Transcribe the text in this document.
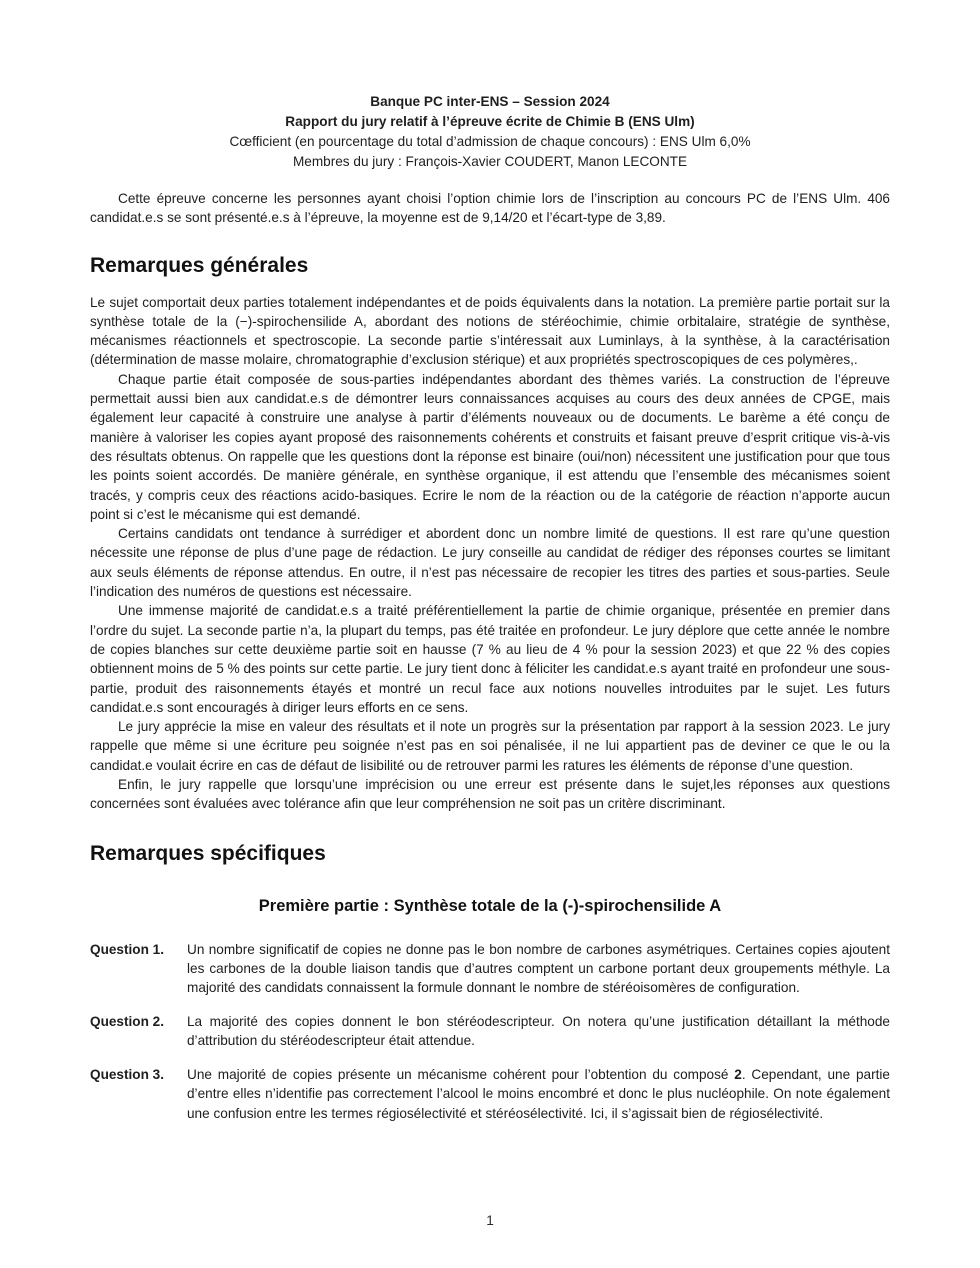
Banque PC inter-ENS – Session 2024
Rapport du jury relatif à l’épreuve écrite de Chimie B (ENS Ulm)
Cœfficient (en pourcentage du total d’admission de chaque concours) : ENS Ulm 6,0%
Membres du jury : François-Xavier COUDERT, Manon LECONTE

Cette épreuve concerne les personnes ayant choisi l’option chimie lors de l’inscription au concours PC de l’ENS Ulm. 406 candidat.e.s se sont présenté.e.s à l’épreuve, la moyenne est de 9,14/20 et l’écart-type de 3,89.

Remarques générales

Le sujet comportait deux parties totalement indépendantes et de poids équivalents dans la notation. La première partie portait sur la synthèse totale de la (−)-spirochensilide A, abordant des notions de stéréochimie, chimie orbitalaire, stratégie de synthèse, mécanismes réactionnels et spectroscopie. La seconde partie s’intéressait aux Luminlays, à la synthèse, à la caractérisation (détermination de masse molaire, chromatographie d’exclusion stérique) et aux propriétés spectroscopiques de ces polymères,.

Chaque partie était composée de sous-parties indépendantes abordant des thèmes variés. La construction de l’épreuve permettait aussi bien aux candidat.e.s de démontrer leurs connaissances acquises au cours des deux années de CPGE, mais également leur capacité à construire une analyse à partir d’éléments nouveaux ou de documents. Le barème a été conçu de manière à valoriser les copies ayant proposé des raisonnements cohérents et construits et faisant preuve d’esprit critique vis-à-vis des résultats obtenus. On rappelle que les questions dont la réponse est binaire (oui/non) nécessitent une justification pour que tous les points soient accordés. De manière générale, en synthèse organique, il est attendu que l’ensemble des mécanismes soient tracés, y compris ceux des réactions acido-basiques. Ecrire le nom de la réaction ou de la catégorie de réaction n’apporte aucun point si c’est le mécanisme qui est demandé.

Certains candidats ont tendance à surrédiger et abordent donc un nombre limité de questions. Il est rare qu’une question nécessite une réponse de plus d’une page de rédaction. Le jury conseille au candidat de rédiger des réponses courtes se limitant aux seuls éléments de réponse attendus. En outre, il n’est pas nécessaire de recopier les titres des parties et sous-parties. Seule l’indication des numéros de questions est nécessaire.

Une immense majorité de candidat.e.s a traité préférentiellement la partie de chimie organique, présentée en premier dans l’ordre du sujet. La seconde partie n’a, la plupart du temps, pas été traitée en profondeur. Le jury déplore que cette année le nombre de copies blanches sur cette deuxième partie soit en hausse (7 % au lieu de 4 % pour la session 2023) et que 22 % des copies obtiennent moins de 5 % des points sur cette partie. Le jury tient donc à féliciter les candidat.e.s ayant traité en profondeur une sous-partie, produit des raisonnements étayés et montré un recul face aux notions nouvelles introduites par le sujet. Les futurs candidat.e.s sont encouragés à diriger leurs efforts en ce sens.

Le jury apprécie la mise en valeur des résultats et il note un progrès sur la présentation par rapport à la session 2023. Le jury rappelle que même si une écriture peu soignée n’est pas en soi pénalisée, il ne lui appartient pas de deviner ce que le ou la candidat.e voulait écrire en cas de défaut de lisibilité ou de retrouver parmi les ratures les éléments de réponse d’une question.

Enfin, le jury rappelle que lorsqu’une imprécision ou une erreur est présente dans le sujet,les réponses aux questions concernées sont évaluées avec tolérance afin que leur compréhension ne soit pas un critère discriminant.

Remarques spécifiques
Première partie : Synthèse totale de la (-)-spirochensilide A
Question 1.	Un nombre significatif de copies ne donne pas le bon nombre de carbones asymétriques. Certaines copies ajoutent les carbones de la double liaison tandis que d’autres comptent un carbone portant deux groupements méthyle. La majorité des candidats connaissent la formule donnant le nombre de stéréoisomères de configuration.
Question 2.	La majorité des copies donnent le bon stéréodescripteur. On notera qu’une justification détaillant la méthode d’attribution du stéréodescripteur était attendue.
Question 3.	Une majorité de copies présente un mécanisme cohérent pour l’obtention du composé 2. Cependant, une partie d’entre elles n’identifie pas correctement l’alcool le moins encombré et donc le plus nucléophile. On note également une confusion entre les termes régiosélectivité et stéréosélectivité. Ici, il s’agissait bien de régiosélectivité.
1
